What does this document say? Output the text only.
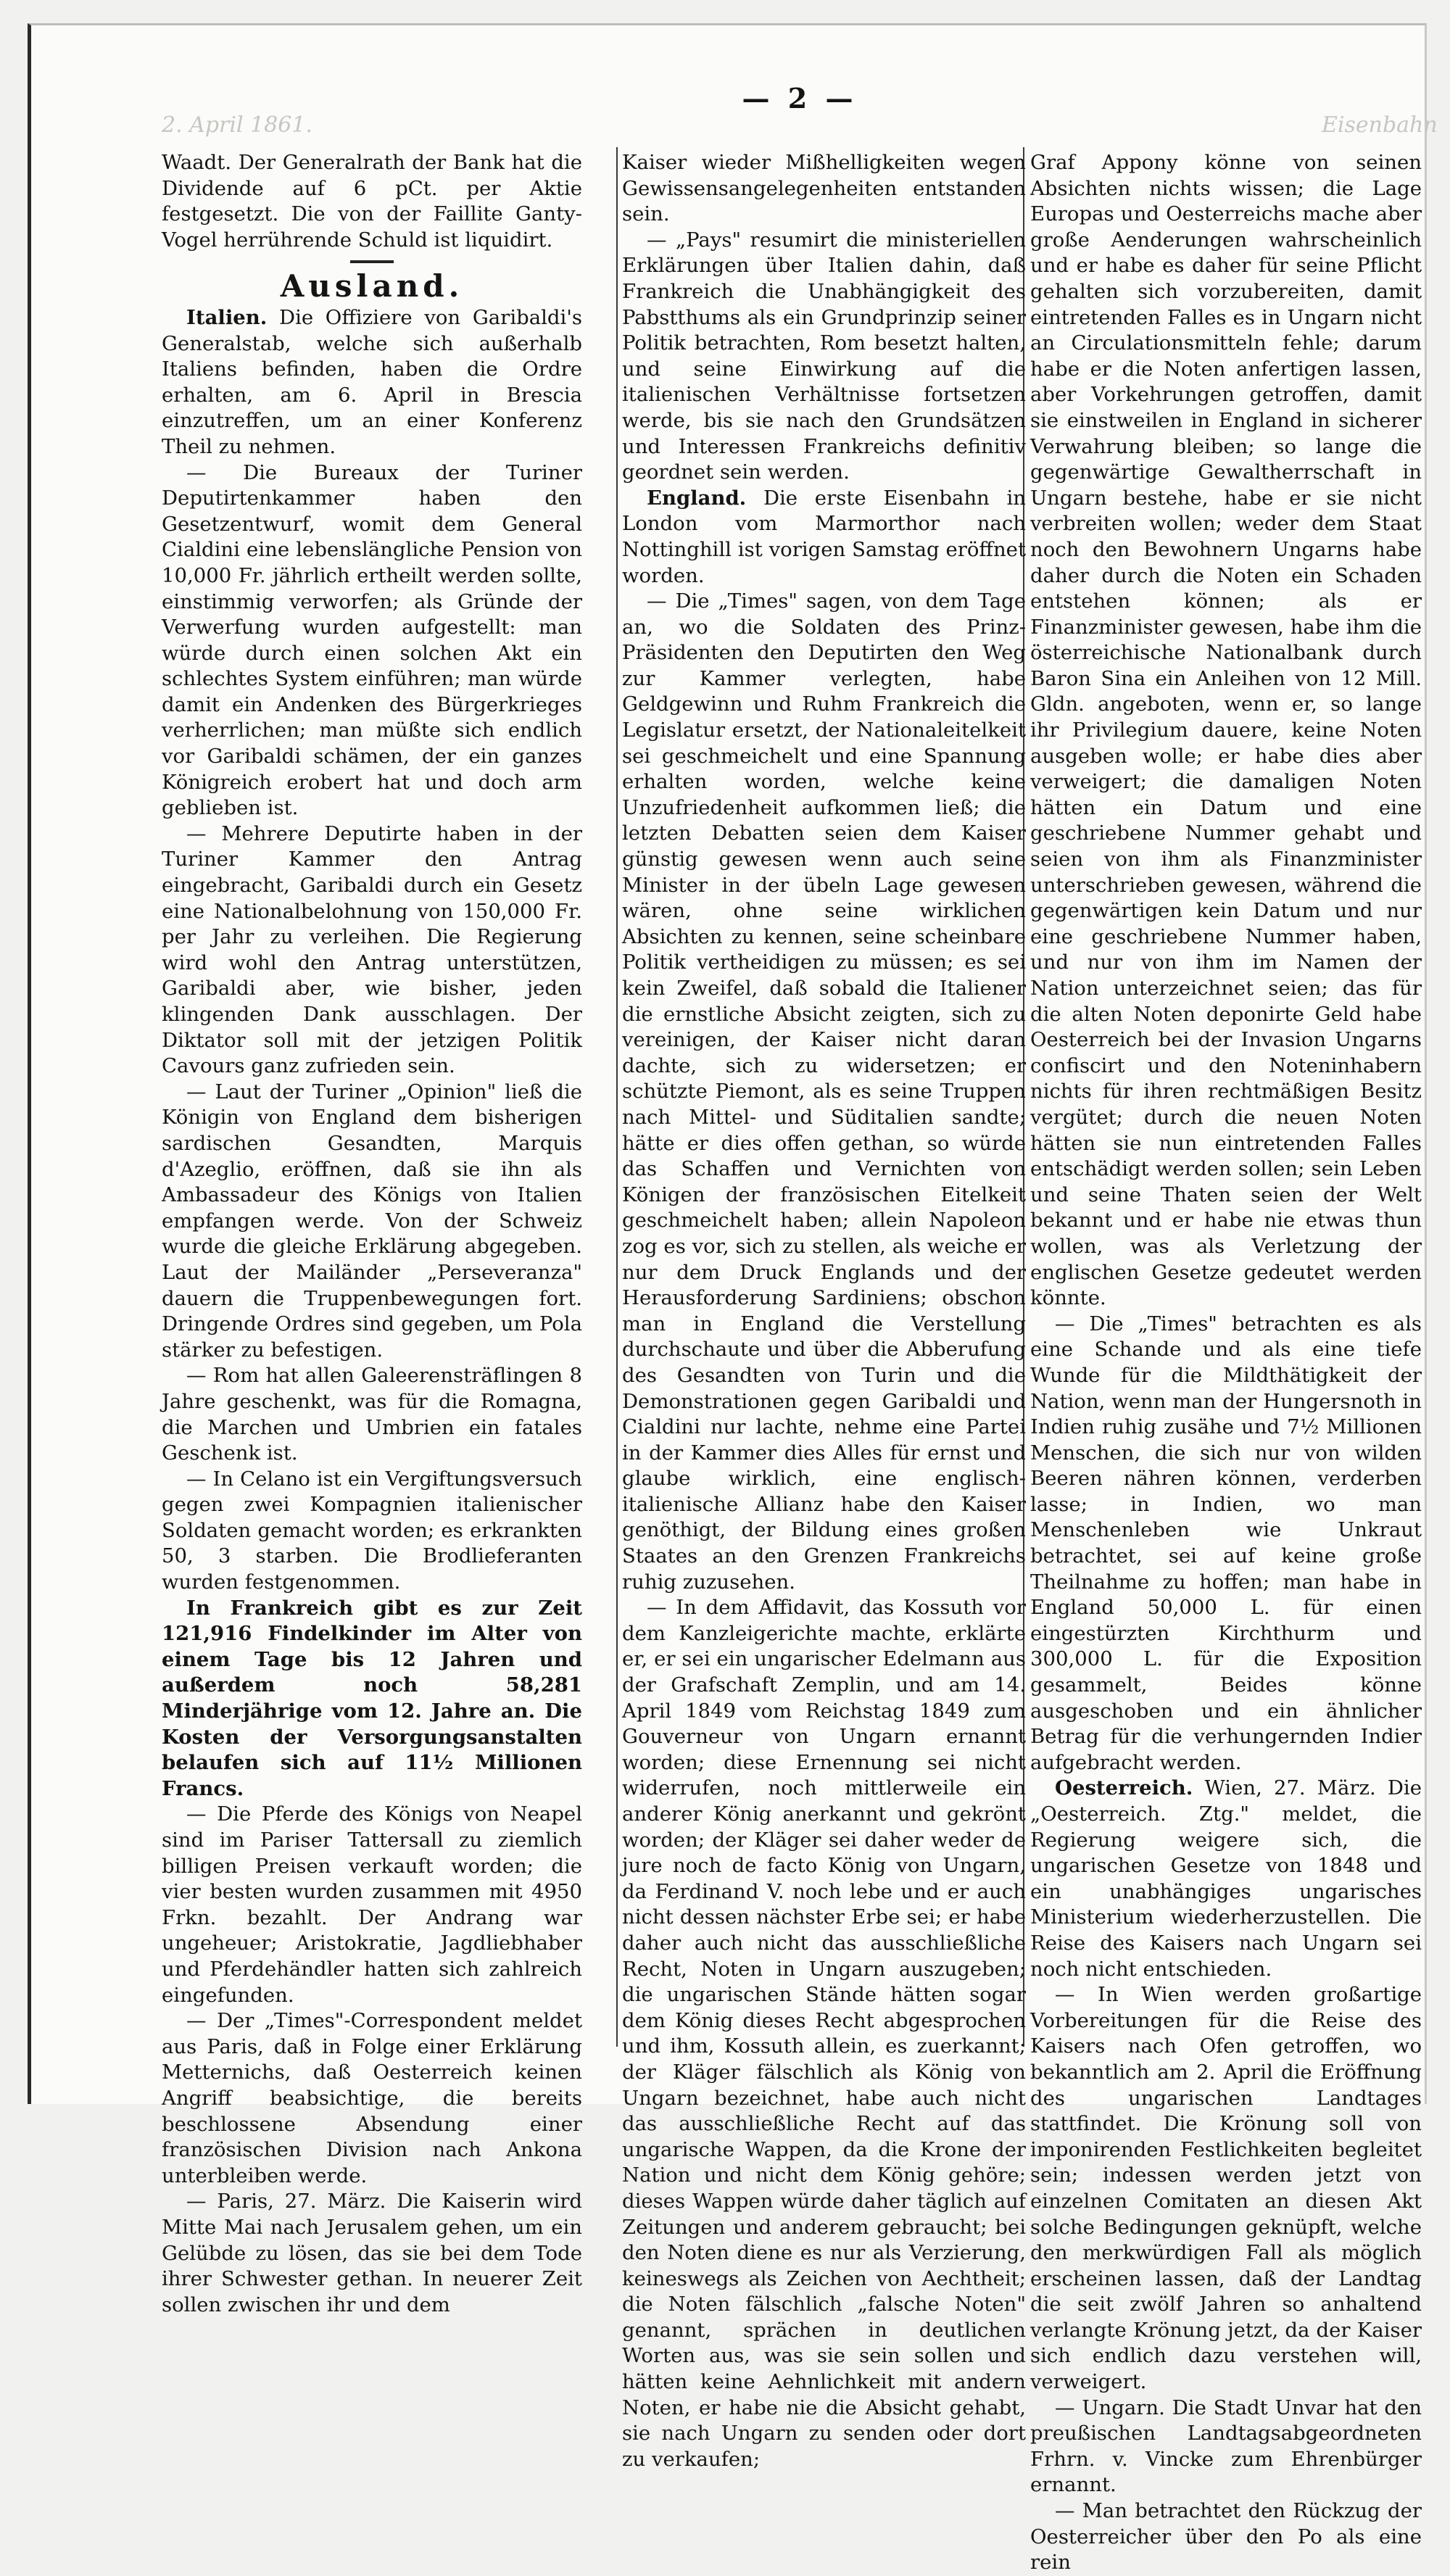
2. April 1861.	Eisenbahn
— 2 —

Waadt. Der Generalrath der Bank hat die Dividende auf 6 pCt. per Aktie festgesetzt. Die von der Faillite Ganty-Vogel herrührende Schuld ist liquidirt.

Ausland.

Italien. Die Offiziere von Garibaldi's Generalstab, welche sich außerhalb Italiens befinden, haben die Ordre erhalten, am 6. April in Brescia einzutreffen, um an einer Konferenz Theil zu nehmen.

— Die Bureaux der Turiner Deputirtenkammer haben den Gesetzentwurf, womit dem General Cialdini eine lebenslängliche Pension von 10,000 Fr. jährlich ertheilt werden sollte, einstimmig verworfen; als Gründe der Verwerfung wurden aufgestellt: man würde durch einen solchen Akt ein schlechtes System einführen; man würde damit ein Andenken des Bürgerkrieges verherrlichen; man müßte sich endlich vor Garibaldi schämen, der ein ganzes Königreich erobert hat und doch arm geblieben ist.

— Mehrere Deputirte haben in der Turiner Kammer den Antrag eingebracht, Garibaldi durch ein Gesetz eine Nationalbelohnung von 150,000 Fr. per Jahr zu verleihen. Die Regierung wird wohl den Antrag unterstützen, Garibaldi aber, wie bisher, jeden klingenden Dank ausschlagen. Der Diktator soll mit der jetzigen Politik Cavours ganz zufrieden sein.

— Laut der Turiner „Opinion" ließ die Königin von England dem bisherigen sardischen Gesandten, Marquis d'Azeglio, eröffnen, daß sie ihn als Ambassadeur des Königs von Italien empfangen werde. Von der Schweiz wurde die gleiche Erklärung abgegeben. Laut der Mailänder „Perseveranza" dauern die Truppenbewegungen fort. Dringende Ordres sind gegeben, um Pola stärker zu befestigen.

— Rom hat allen Galeerensträflingen 8 Jahre geschenkt, was für die Romagna, die Marchen und Umbrien ein fatales Geschenk ist.

— In Celano ist ein Vergiftungsversuch gegen zwei Kompagnien italienischer Soldaten gemacht worden; es erkrankten 50, 3 starben. Die Brodlieferanten wurden festgenommen.

In Frankreich gibt es zur Zeit 121,916 Findelkinder im Alter von einem Tage bis 12 Jahren und außerdem noch 58,281 Minderjährige vom 12. Jahre an. Die Kosten der Versorgungsanstalten belaufen sich auf 11½ Millionen Francs.

— Die Pferde des Königs von Neapel sind im Pariser Tattersall zu ziemlich billigen Preisen verkauft worden; die vier besten wurden zusammen mit 4950 Frkn. bezahlt. Der Andrang war ungeheuer; Aristokratie, Jagdliebhaber und Pferdehändler hatten sich zahlreich eingefunden.

— Der „Times"-Correspondent meldet aus Paris, daß in Folge einer Erklärung Metternichs, daß Oesterreich keinen Angriff beabsichtige, die bereits beschlossene Absendung einer französischen Division nach Ankona unterbleiben werde.

— Paris, 27. März. Die Kaiserin wird Mitte Mai nach Jerusalem gehen, um ein Gelübde zu lösen, das sie bei dem Tode ihrer Schwester gethan. In neuerer Zeit sollen zwischen ihr und dem

Kaiser wieder Mißhelligkeiten wegen Gewissensangelegenheiten entstanden sein.

— „Pays" resumirt die ministeriellen Erklärungen über Italien dahin, daß Frankreich die Unabhängigkeit des Pabstthums als ein Grundprinzip seiner Politik betrachten, Rom besetzt halten, und seine Einwirkung auf die italienischen Verhältnisse fortsetzen werde, bis sie nach den Grundsätzen und Interessen Frankreichs definitiv geordnet sein werden.

England. Die erste Eisenbahn in London vom Marmorthor nach Nottinghill ist vorigen Samstag eröffnet worden.

— Die „Times" sagen, von dem Tage an, wo die Soldaten des Prinz-Präsidenten den Deputirten den Weg zur Kammer verlegten, habe Geldgewinn und Ruhm Frankreich die Legislatur ersetzt, der Nationaleitelkeit sei geschmeichelt und eine Spannung erhalten worden, welche keine Unzufriedenheit aufkommen ließ; die letzten Debatten seien dem Kaiser günstig gewesen wenn auch seine Minister in der übeln Lage gewesen wären, ohne seine wirklichen Absichten zu kennen, seine scheinbare Politik vertheidigen zu müssen; es sei kein Zweifel, daß sobald die Italiener die ernstliche Absicht zeigten, sich zu vereinigen, der Kaiser nicht daran dachte, sich zu widersetzen; er schützte Piemont, als es seine Truppen nach Mittel- und Süditalien sandte; hätte er dies offen gethan, so würde das Schaffen und Vernichten von Königen der französischen Eitelkeit geschmeichelt haben; allein Napoleon zog es vor, sich zu stellen, als weiche er nur dem Druck Englands und der Herausforderung Sardiniens; obschon man in England die Verstellung durchschaute und über die Abberufung des Gesandten von Turin und die Demonstrationen gegen Garibaldi und Cialdini nur lachte, nehme eine Partei in der Kammer dies Alles für ernst und glaube wirklich, eine englisch-italienische Allianz habe den Kaiser genöthigt, der Bildung eines großen Staates an den Grenzen Frankreichs ruhig zuzusehen.

— In dem Affidavit, das Kossuth vor dem Kanzleigerichte machte, erklärte er, er sei ein ungarischer Edelmann aus der Grafschaft Zemplin, und am 14. April 1849 vom Reichstag 1849 zum Gouverneur von Ungarn ernannt worden; diese Ernennung sei nicht widerrufen, noch mittlerweile ein anderer König anerkannt und gekrönt worden; der Kläger sei daher weder de jure noch de facto König von Ungarn, da Ferdinand V. noch lebe und er auch nicht dessen nächster Erbe sei; er habe daher auch nicht das ausschließliche Recht, Noten in Ungarn auszugeben; die ungarischen Stände hätten sogar dem König dieses Recht abgesprochen und ihm, Kossuth allein, es zuerkannt; der Kläger fälschlich als König von Ungarn bezeichnet, habe auch nicht das ausschließliche Recht auf das ungarische Wappen, da die Krone der Nation und nicht dem König gehöre; dieses Wappen würde daher täglich auf Zeitungen und anderem gebraucht; bei den Noten diene es nur als Verzierung, keineswegs als Zeichen von Aechtheit; die Noten fälschlich „falsche Noten" genannt, sprächen in deutlichen Worten aus, was sie sein sollen und hätten keine Aehnlichkeit mit andern Noten, er habe nie die Absicht gehabt, sie nach Ungarn zu senden oder dort zu verkaufen;

Graf Appony könne von seinen Absichten nichts wissen; die Lage Europas und Oesterreichs mache aber große Aenderungen wahrscheinlich und er habe es daher für seine Pflicht gehalten sich vorzubereiten, damit eintretenden Falles es in Ungarn nicht an Circulationsmitteln fehle; darum habe er die Noten anfertigen lassen, aber Vorkehrungen getroffen, damit sie einstweilen in England in sicherer Verwahrung bleiben; so lange die gegenwärtige Gewaltherrschaft in Ungarn bestehe, habe er sie nicht verbreiten wollen; weder dem Staat noch den Bewohnern Ungarns habe daher durch die Noten ein Schaden entstehen können; als er Finanzminister gewesen, habe ihm die österreichische Nationalbank durch Baron Sina ein Anleihen von 12 Mill. Gldn. angeboten, wenn er, so lange ihr Privilegium dauere, keine Noten ausgeben wolle; er habe dies aber verweigert; die damaligen Noten hätten ein Datum und eine geschriebene Nummer gehabt und seien von ihm als Finanzminister unterschrieben gewesen, während die gegenwärtigen kein Datum und nur eine geschriebene Nummer haben, und nur von ihm im Namen der Nation unterzeichnet seien; das für die alten Noten deponirte Geld habe Oesterreich bei der Invasion Ungarns confiscirt und den Noteninhabern nichts für ihren rechtmäßigen Besitz vergütet; durch die neuen Noten hätten sie nun eintretenden Falles entschädigt werden sollen; sein Leben und seine Thaten seien der Welt bekannt und er habe nie etwas thun wollen, was als Verletzung der englischen Gesetze gedeutet werden könnte.

— Die „Times" betrachten es als eine Schande und als eine tiefe Wunde für die Mildthätigkeit der Nation, wenn man der Hungersnoth in Indien ruhig zusähe und 7½ Millionen Menschen, die sich nur von wilden Beeren nähren können, verderben lasse; in Indien, wo man Menschenleben wie Unkraut betrachtet, sei auf keine große Theilnahme zu hoffen; man habe in England 50,000 L. für einen eingestürzten Kirchthurm und 300,000 L. für die Exposition gesammelt, Beides könne ausgeschoben und ein ähnlicher Betrag für die verhungernden Indier aufgebracht werden.

Oesterreich. Wien, 27. März. Die „Oesterreich. Ztg." meldet, die Regierung weigere sich, die ungarischen Gesetze von 1848 und ein unabhängiges ungarisches Ministerium wiederherzustellen. Die Reise des Kaisers nach Ungarn sei noch nicht entschieden.

— In Wien werden großartige Vorbereitungen für die Reise des Kaisers nach Ofen getroffen, wo bekanntlich am 2. April die Eröffnung des ungarischen Landtages stattfindet. Die Krönung soll von imponirenden Festlichkeiten begleitet sein; indessen werden jetzt von einzelnen Comitaten an diesen Akt solche Bedingungen geknüpft, welche den merkwürdigen Fall als möglich erscheinen lassen, daß der Landtag die seit zwölf Jahren so anhaltend verlangte Krönung jetzt, da der Kaiser sich endlich dazu verstehen will, verweigert.

— Ungarn. Die Stadt Unvar hat den preußischen Landtagsabgeordneten Frhrn. v. Vincke zum Ehrenbürger ernannt.

— Man betrachtet den Rückzug der Oesterreicher über den Po als eine rein
